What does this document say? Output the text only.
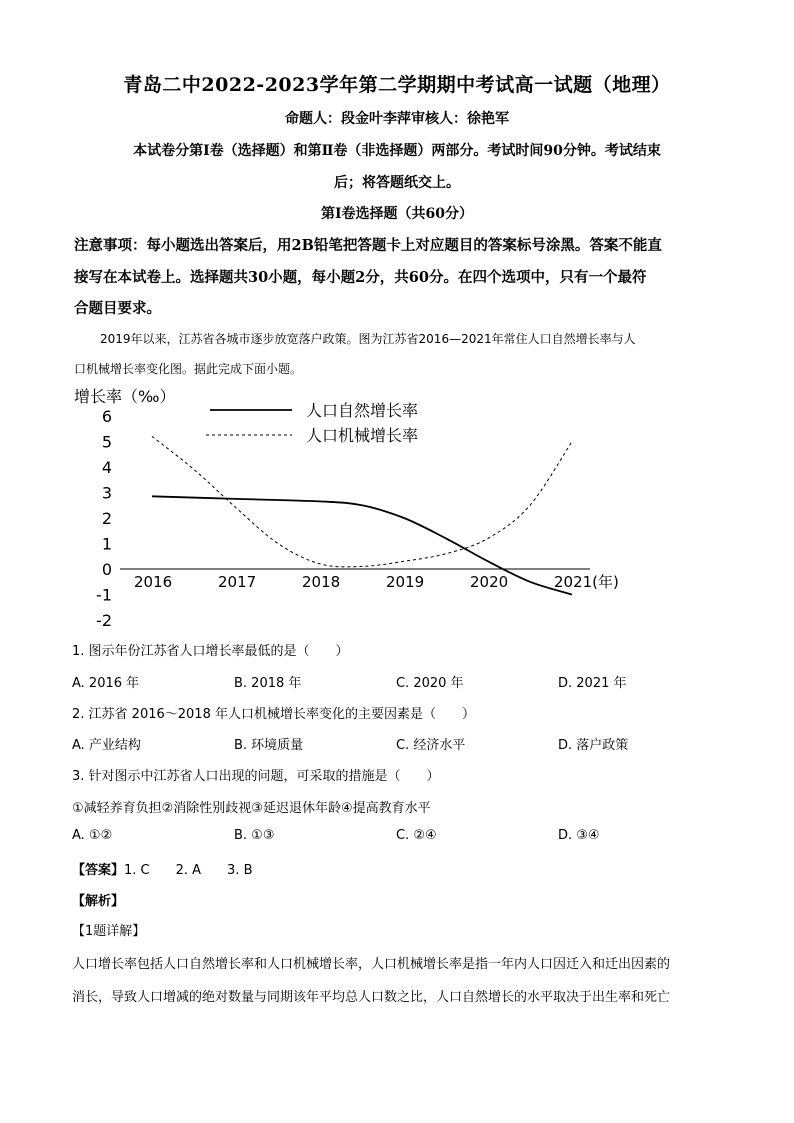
青岛二中2022-2023学年第二学期期中考试高一试题（地理）
命题人：段金叶李萍审核人：徐艳军
本试卷分第Ⅰ卷（选择题）和第Ⅱ卷（非选择题）两部分。考试时间90分钟。考试结束
后；将答题纸交上。
第Ⅰ卷选择题（共60分）
注意事项：每小题选出答案后，用2B铅笔把答题卡上对应题目的答案标号涂黑。答案不能直
接写在本试卷上。选择题共30小题，每小题2分，共60分。在四个选项中，只有一个最符
合题目要求。
2019年以来，江苏省各城市逐步放宽落户政策。图为江苏省2016—2021年常住人口自然增长率与人
口机械增长率变化图。据此完成下面小题。
增长率（‰）
6
5
4
3
2
1
0
-1
-2
2016	2017	2018	2019	2020	2021(年)
人口自然增长率
人口机械增长率
1. 图示年份江苏省人口增长率最低的是（　　）
A. 2016 年	B. 2018 年	C. 2020 年	D. 2021 年
2. 江苏省 2016～2018 年人口机械增长率变化的主要因素是（　　）
A. 产业结构	B. 环境质量	C. 经济水平	D. 落户政策
3. 针对图示中江苏省人口出现的问题，可采取的措施是（　　）
①减轻养育负担②消除性别歧视③延迟退休年龄④提高教育水平
A. ①②	B. ①③	C. ②④	D. ③④
【答案】1. C　　2. A　　3. B
【解析】
【1题详解】
人口增长率包括人口自然增长率和人口机械增长率，人口机械增长率是指一年内人口因迁入和迁出因素的
消长，导致人口增减的绝对数量与同期该年平均总人口数之比，人口自然增长的水平取决于出生率和死亡
